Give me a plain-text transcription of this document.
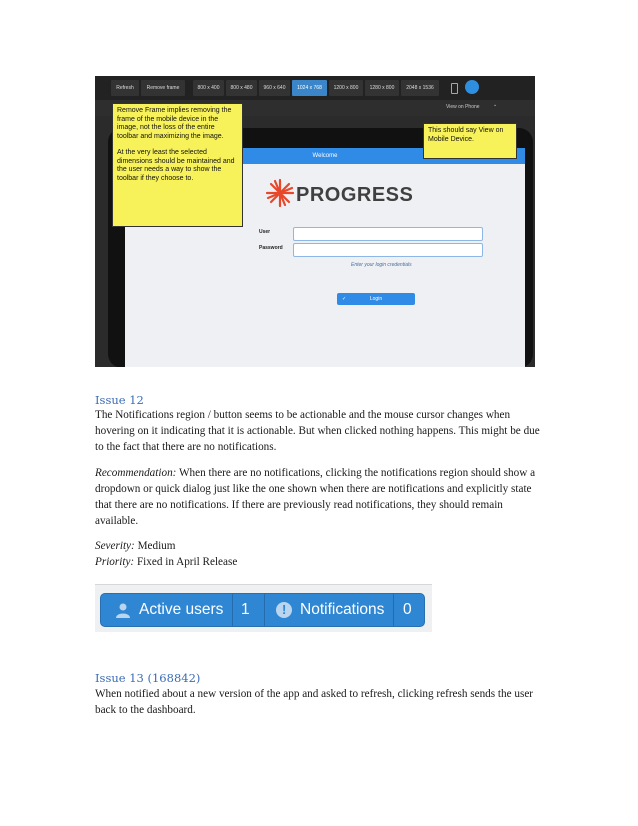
Refresh	Remove frame	800 x 400	800 x 480	960 x 640	1024 x 768	1200 x 800	1280 x 800	2048 x 1536
View on Phone	⌄
Welcome
PROGRESS
User
Password
Enter your login credentials
✓	Login

Remove Frame implies removing the frame of the mobile device in the image, not the loss of the entire toolbar and maximizing the image.

At the very least the selected dimensions should be maintained and the user needs a way to show the toolbar if they choose to.

This should say View on Mobile Device.
Issue 12
The Notifications region / button seems to be actionable and the mouse cursor changes when hovering on it indicating that it is actionable. But when clicked nothing happens. This might be due to the fact that there are no notifications.
Recommendation: When there are no notifications, clicking the notifications region should show a dropdown or quick dialog just like the one shown when there are notifications and explicitly state that there are no notifications. If there are previously read notifications, they should remain available.
Severity: Medium
Priority: Fixed in April Release
Active users 1 ! Notifications 0
Issue 13 (168842)
When notified about a new version of the app and asked to refresh, clicking refresh sends the user back to the dashboard.
